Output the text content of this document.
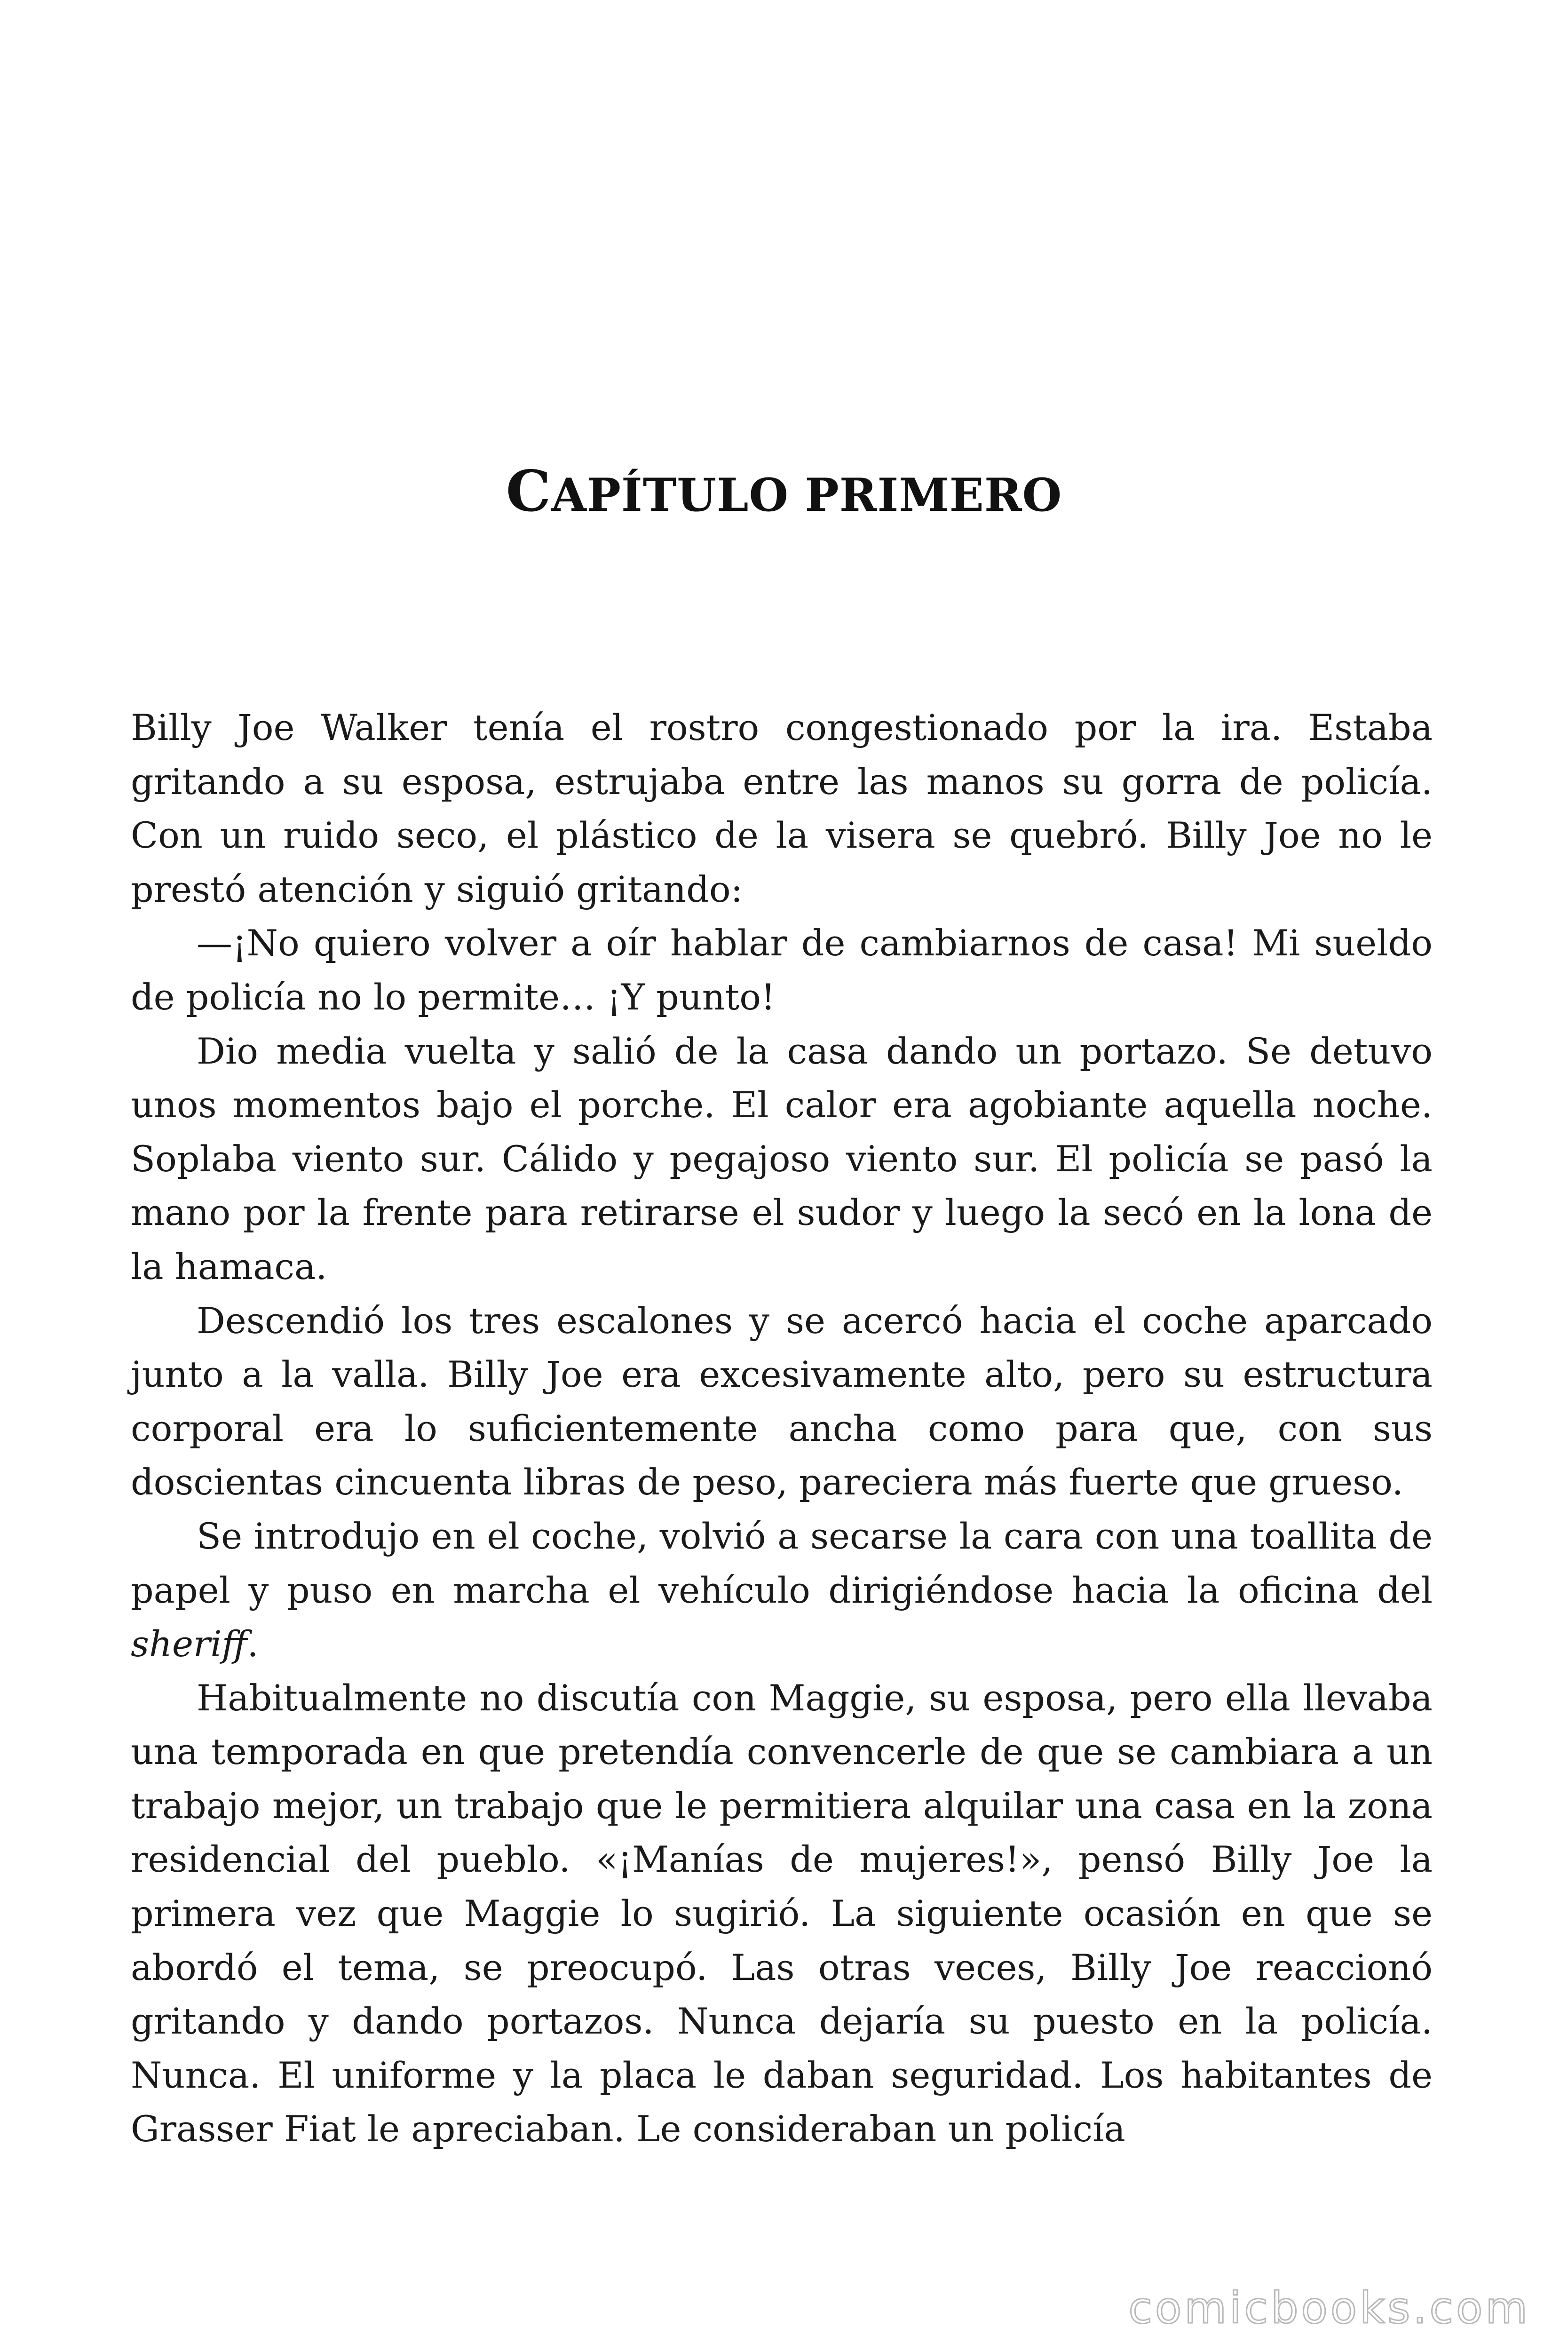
CAPÍTULO PRIMERO

Billy Joe Walker tenía el rostro congestionado por la ira. Estaba gritando a su esposa, estrujaba entre las manos su gorra de policía. Con un ruido seco, el plástico de la visera se quebró. Billy Joe no le prestó atención y siguió gritando:

—¡No quiero volver a oír hablar de cambiarnos de casa! Mi sueldo de policía no lo permite… ¡Y punto!

Dio media vuelta y salió de la casa dando un portazo. Se detuvo unos momentos bajo el porche. El calor era agobiante aquella noche. Soplaba viento sur. Cálido y pegajoso viento sur. El policía se pasó la mano por la frente para retirarse el sudor y luego la secó en la lona de la hamaca.

Descendió los tres escalones y se acercó hacia el coche aparcado junto a la valla. Billy Joe era excesivamente alto, pero su estructura corporal era lo suficientemente ancha como para que, con sus doscientas cincuenta libras de peso, pareciera más fuerte que grueso.

Se introdujo en el coche, volvió a secarse la cara con una toallita de papel y puso en marcha el vehículo dirigiéndose hacia la oficina del sheriff.

Habitualmente no discutía con Maggie, su esposa, pero ella llevaba una temporada en que pretendía convencerle de que se cambiara a un trabajo mejor, un trabajo que le permitiera alquilar una casa en la zona residencial del pueblo. «¡Manías de mujeres!», pensó Billy Joe la primera vez que Maggie lo sugirió. La siguiente ocasión en que se abordó el tema, se preocupó. Las otras veces, Billy Joe reaccionó gritando y dando portazos. Nunca dejaría su puesto en la policía. Nunca. El uniforme y la placa le daban seguridad. Los habitantes de Grasser Fiat le apreciaban. Le consideraban un policía

comicbooks.com
